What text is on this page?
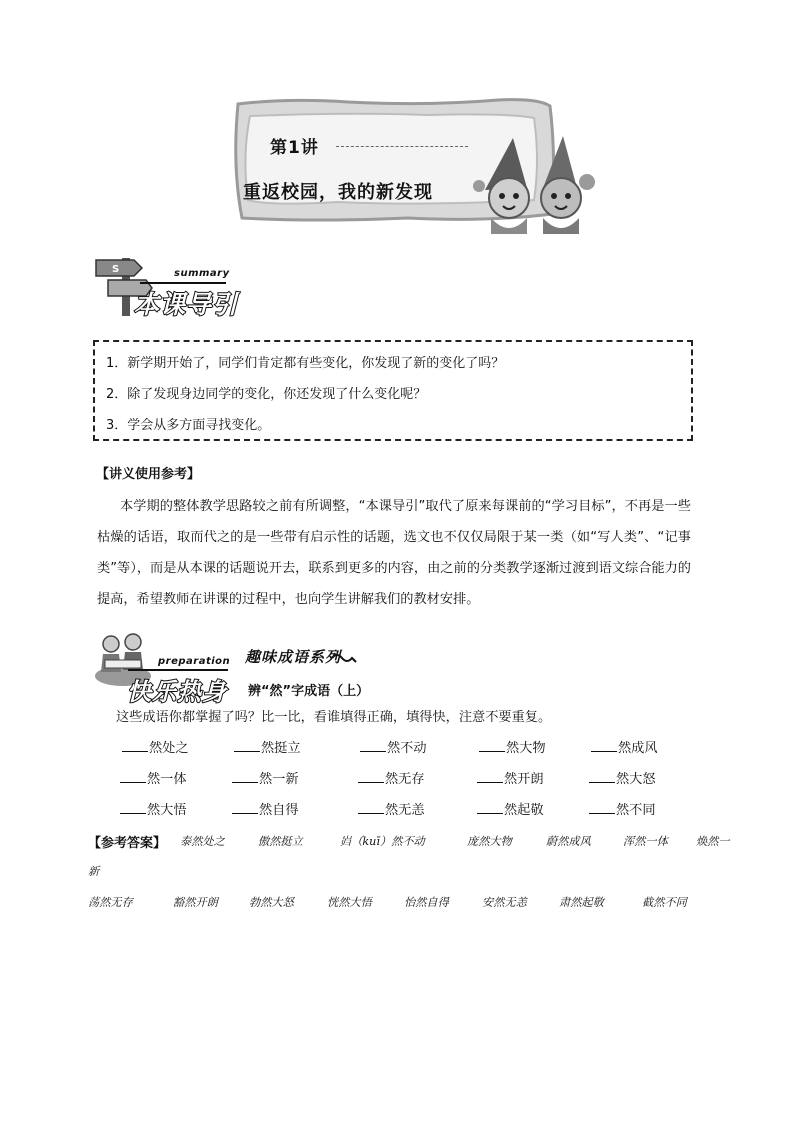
第1讲
重返校园，我的新发现
S	summary
本课导引
1．新学期开始了，同学们肯定都有些变化，你发现了新的变化了吗？
2．除了发现身边同学的变化，你还发现了什么变化呢？
3．学会从多方面寻找变化。
【讲义使用参考】
本学期的整体教学思路较之前有所调整，“本课导引”取代了原来每课前的“学习目标”，不再是一些枯燥的话语，取而代之的是一些带有启示性的话题，选文也不仅仅局限于某一类（如“写人类”、“记事类”等），而是从本课的话题说开去，联系到更多的内容，由之前的分类教学逐渐过渡到语文综合能力的提高，希望教师在讲课的过程中，也向学生讲解我们的教材安排。
preparation
快乐热身
趣味成语系列
辨“然”字成语（上）
这些成语你都掌握了吗？比一比，看谁填得正确，填得快，注意不要重复。
然处之	然挺立	然不动	然大物	然成风
然一体	然一新	然无存	然开朗	然大怒
然大悟	然自得	然无恙	然起敬	然不同
【参考答案】 泰然处之	傲然挺立	岿（kuī）然不动	庞然大物	蔚然成风	浑然一体	焕然一
新
荡然无存	豁然开朗	勃然大怒	恍然大悟	怡然自得	安然无恙	肃然起敬	截然不同
